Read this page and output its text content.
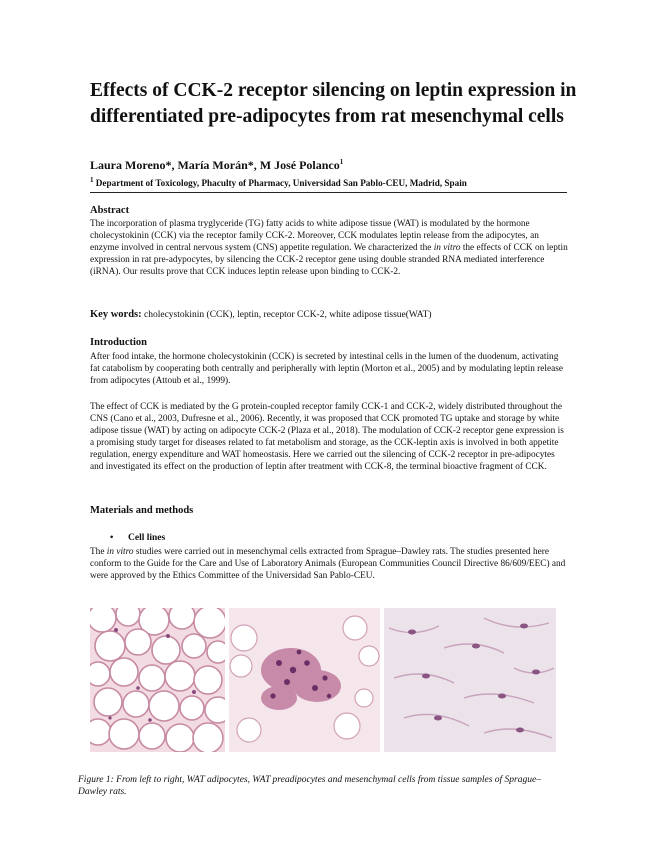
Effects of CCK-2 receptor silencing on leptin expression in differentiated pre-adipocytes from rat mesenchymal cells
Laura Moreno*, María Morán*, M José Polanco$^1$
$^1$ Department of Toxicology, Phaculty of Pharmacy, Universidad San Pablo-CEU, Madrid, Spain
Abstract

The incorporation of plasma tryglyceride (TG) fatty acids to white adipose tissue (WAT) is modulated by the hormone cholecystokinin (CCK) via the receptor family CCK-2. Moreover, CCK modulates leptin release from the adipocytes, an enzyme involved in central nervous system (CNS) appetite regulation. We characterized the in vitro the effects of CCK on leptin expression in rat pre-adypocytes, by silencing the CCK-2 receptor gene using double stranded RNA mediated interference (iRNA). Our results prove that CCK induces leptin release upon binding to CCK-2.

Key words: cholecystokinin (CCK), leptin, receptor CCK-2, white adipose tissue(WAT)
Introduction

After food intake, the hormone cholecystokinin (CCK) is secreted by intestinal cells in the lumen of the duodenum, activating fat catabolism by cooperating both centrally and peripherally with leptin (Morton et al., 2005) and by modulating leptin release from adipocytes (Attoub et al., 1999).

The effect of CCK is mediated by the G protein-coupled receptor family CCK-1 and CCK-2, widely distributed throughout the CNS (Cano et al., 2003, Dufresne et al., 2006). Recently, it was proposed that CCK promoted TG uptake and storage by white adipose tissue (WAT) by acting on adipocyte CCK-2 (Plaza et al., 2018). The modulation of CCK-2 receptor gene expression is a promising study target for diseases related to fat metabolism and storage, as the CCK-leptin axis is involved in both appetite regulation, energy expenditure and WAT homeostasis. Here we carried out the silencing of CCK-2 receptor in pre-adipocytes and investigated its effect on the production of leptin after treatment with CCK-8, the terminal bioactive fragment of CCK.

Materials and methods
• Cell lines

The in vitro studies were carried out in mesenchymal cells extracted from Sprague–Dawley rats. The studies presented here conform to the Guide for the Care and Use of Laboratory Animals (European Communities Council Directive 86/609/EEC) and were approved by the Ethics Committee of the Universidad San Pablo-CEU.

Figure 1: From left to right, WAT adipocytes, WAT preadipocytes and mesenchymal cells from tissue samples of Sprague–Dawley rats.
